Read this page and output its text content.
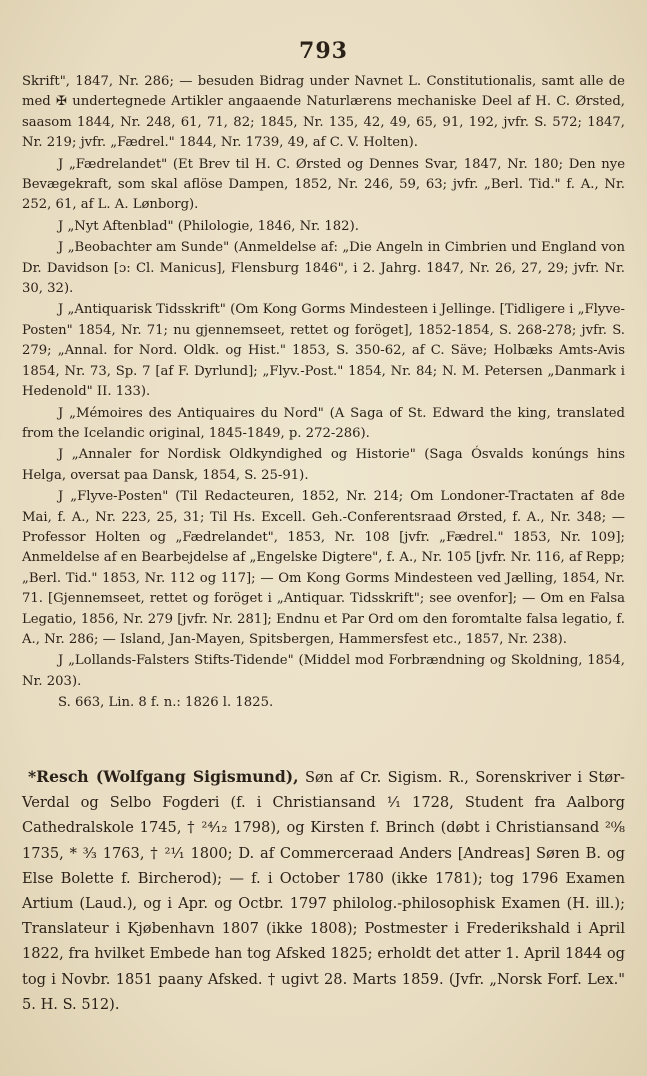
793

Skrift", 1847, Nr. 286; — besuden Bidrag under Navnet L. Constitutionalis, samt alle de med ✠ undertegnede Artikler angaaende Naturlærens mechaniske Deel af H. C. Ørsted, saasom 1844, Nr. 248, 61, 71, 82; 1845, Nr. 135, 42, 49, 65, 91, 192, jvfr. S. 572; 1847, Nr. 219; jvfr. „Fædrel." 1844, Nr. 1739, 49, af C. V. Holten).

J „Fædrelandet" (Et Brev til H. C. Ørsted og Dennes Svar, 1847, Nr. 180; Den nye Bevægekraft, som skal aflöse Dampen, 1852, Nr. 246, 59, 63; jvfr. „Berl. Tid." f. A., Nr. 252, 61, af L. A. Lønborg).

J „Nyt Aftenblad" (Philologie, 1846, Nr. 182).

J „Beobachter am Sunde" (Anmeldelse af: „Die Angeln in Cimbrien und England von Dr. Davidson [ɔ: Cl. Manicus], Flensburg 1846", i 2. Jahrg. 1847, Nr. 26, 27, 29; jvfr. Nr. 30, 32).

J „Antiquarisk Tidsskrift" (Om Kong Gorms Mindesteen i Jellinge. [Tidligere i „Flyve-Posten" 1854, Nr. 71; nu gjennemseet, rettet og foröget], 1852-1854, S. 268-278; jvfr. S. 279; „Annal. for Nord. Oldk. og Hist." 1853, S. 350-62, af C. Säve; Holbæks Amts-Avis 1854, Nr. 73, Sp. 7 [af F. Dyrlund]; „Flyv.-Post." 1854, Nr. 84; N. M. Petersen „Danmark i Hedenold" II. 133).

J „Mémoires des Antiquaires du Nord" (A Saga of St. Edward the king, translated from the Icelandic original, 1845-1849, p. 272-286).

J „Annaler for Nordisk Oldkyndighed og Historie" (Saga Ósvalds konúngs hins Helga, oversat paa Dansk, 1854, S. 25-91).

J „Flyve-Posten" (Til Redacteuren, 1852, Nr. 214; Om Londoner-Tractaten af 8de Mai, f. A., Nr. 223, 25, 31; Til Hs. Excell. Geh.-Conferentsraad Ørsted, f. A., Nr. 348; — Professor Holten og „Fædrelandet", 1853, Nr. 108 [jvfr. „Fædrel." 1853, Nr. 109]; Anmeldelse af en Bearbejdelse af „Engelske Digtere", f. A., Nr. 105 [jvfr. Nr. 116, af Repp; „Berl. Tid." 1853, Nr. 112 og 117]; — Om Kong Gorms Mindesteen ved Jælling, 1854, Nr. 71. [Gjennemseet, rettet og foröget i „Antiquar. Tidsskrift"; see ovenfor]; — Om en Falsa Legatio, 1856, Nr. 279 [jvfr. Nr. 281]; Endnu et Par Ord om den foromtalte falsa legatio, f. A., Nr. 286; — Island, Jan-Mayen, Spitsbergen, Hammersfest etc., 1857, Nr. 238).

J „Lollands-Falsters Stifts-Tidende" (Middel mod Forbrændning og Skoldning, 1854, Nr. 203).

S. 663, Lin. 8 f. n.: 1826 l. 1825.

*Resch (Wolfgang Sigismund), Søn af Cr. Sigism. R., Sorenskriver i Stør-Verdal og Selbo Fogderi (f. i Christiansand ¹⁄₁ 1728, Student fra Aalborg Cathedralskole 1745, † ²⁴⁄₁₂ 1798), og Kirsten f. Brinch (døbt i Christiansand ²⁰⁄₈ 1735, * ³⁄₃ 1763, † ²¹⁄₁ 1800; D. af Commerceraad Anders [Andreas] Søren B. og Else Bolette f. Bircherod); — f. i October 1780 (ikke 1781); tog 1796 Examen Artium (Laud.), og i Apr. og Octbr. 1797 philolog.-philosophisk Examen (H. ill.); Translateur i Kjøbenhavn 1807 (ikke 1808); Postmester i Frederikshald i April 1822, fra hvilket Embede han tog Afsked 1825; erholdt det atter 1. April 1844 og tog i Novbr. 1851 paany Afsked. † ugivt 28. Marts 1859. (Jvfr. „Norsk Forf. Lex." 5. H. S. 512).
